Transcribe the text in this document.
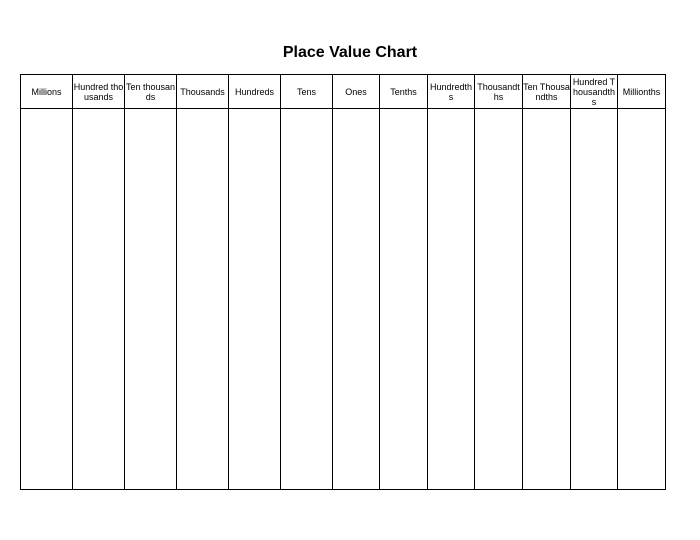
Place Value Chart
Millions	Hundred thousands	Ten thousands	Thousands	Hundreds	Tens	Ones	Tenths	Hundredths	Thousandths	Ten Thousandths	Hundred Thousandths	Millionths
